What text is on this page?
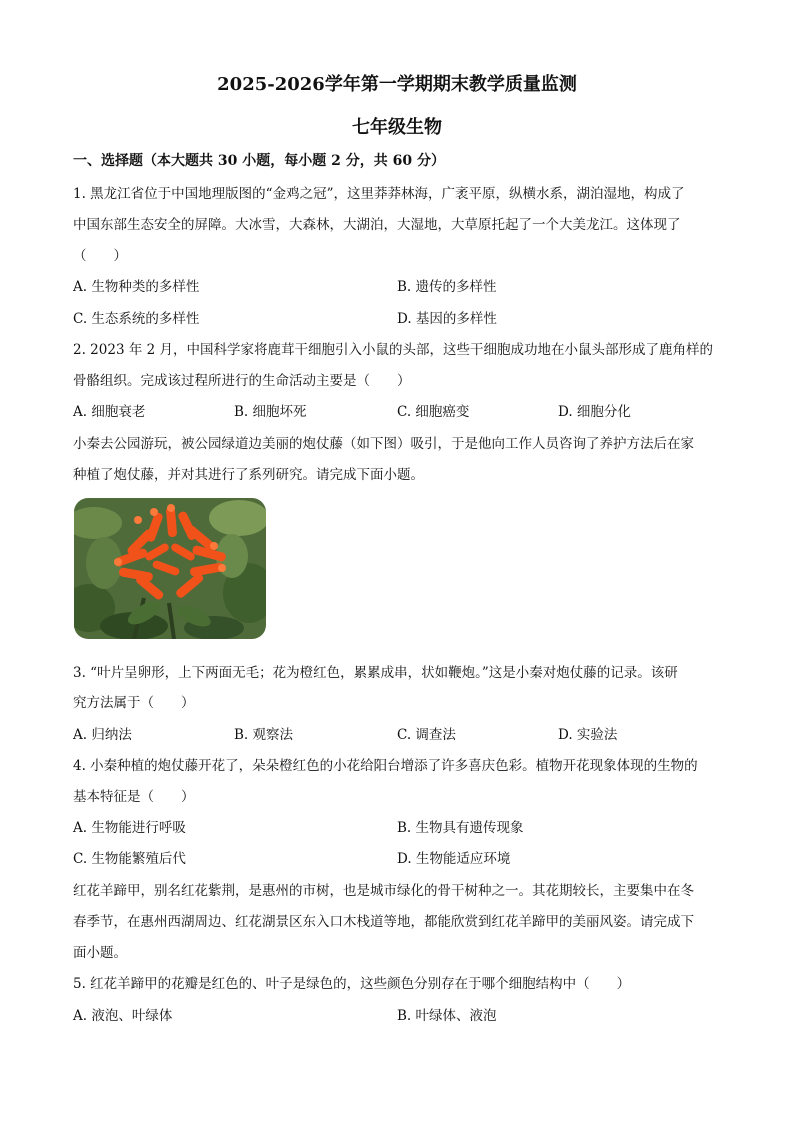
2025-2026学年第一学期期末教学质量监测
七年级生物
一、选择题（本大题共 30 小题，每小题 2 分，共 60 分）
1. 黑龙江省位于中国地理版图的“金鸡之冠”，这里莽莽林海，广袤平原，纵横水系，湖泊湿地，构成了
中国东部生态安全的屏障。大冰雪，大森林，大湖泊，大湿地，大草原托起了一个大美龙江。这体现了
（　　）
A. 生物种类的多样性	B. 遗传的多样性
C. 生态系统的多样性	D. 基因的多样性
2. 2023 年 2 月，中国科学家将鹿茸干细胞引入小鼠的头部，这些干细胞成功地在小鼠头部形成了鹿角样的
骨骼组织。完成该过程所进行的生命活动主要是（　　）
A. 细胞衰老	B. 细胞坏死	C. 细胞癌变	D. 细胞分化
小秦去公园游玩，被公园绿道边美丽的炮仗藤（如下图）吸引，于是他向工作人员咨询了养护方法后在家
种植了炮仗藤，并对其进行了系列研究。请完成下面小题。
3. “叶片呈卵形，上下两面无毛；花为橙红色，累累成串，状如鞭炮。”这是小秦对炮仗藤的记录。该研
究方法属于（　　）
A. 归纳法	B. 观察法	C. 调查法	D. 实验法
4. 小秦种植的炮仗藤开花了，朵朵橙红色的小花给阳台增添了许多喜庆色彩。植物开花现象体现的生物的
基本特征是（　　）
A. 生物能进行呼吸	B. 生物具有遗传现象
C. 生物能繁殖后代	D. 生物能适应环境
红花羊蹄甲，别名红花紫荆，是惠州的市树，也是城市绿化的骨干树种之一。其花期较长，主要集中在冬
春季节，在惠州西湖周边、红花湖景区东入口木栈道等地，都能欣赏到红花羊蹄甲的美丽风姿。请完成下
面小题。
5. 红花羊蹄甲的花瓣是红色的、叶子是绿色的，这些颜色分别存在于哪个细胞结构中（　　）
A. 液泡、叶绿体	B. 叶绿体、液泡
